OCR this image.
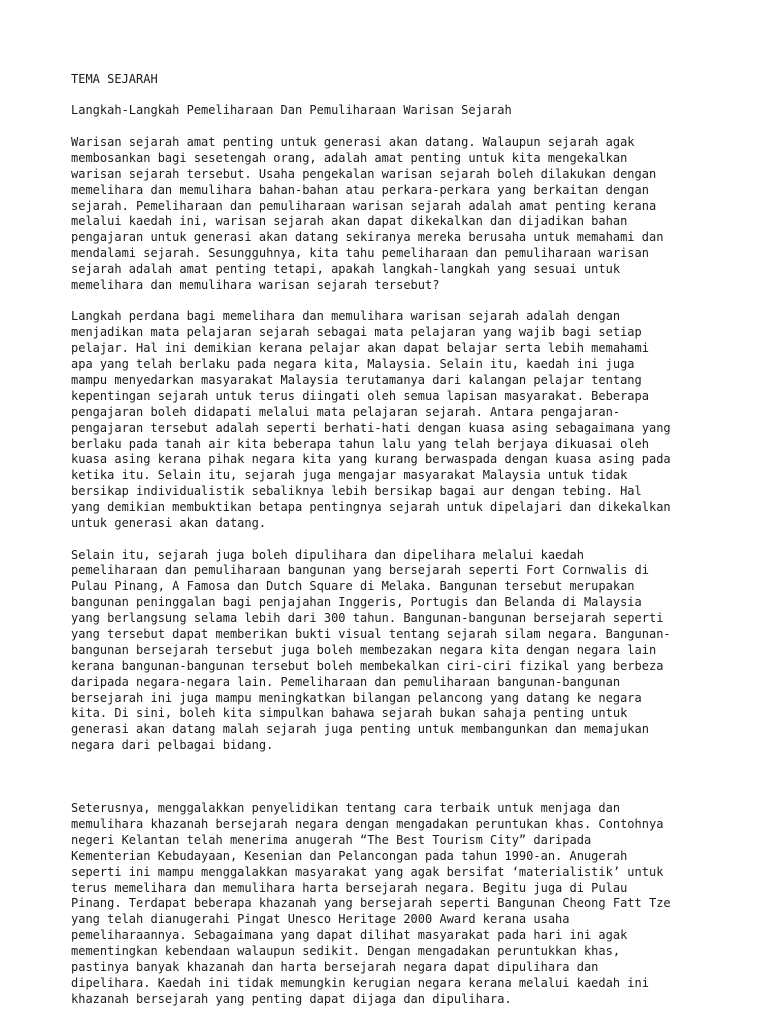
TEMA SEJARAH
Langkah-Langkah Pemeliharaan Dan Pemuliharaan Warisan Sejarah
Warisan sejarah amat penting untuk generasi akan datang. Walaupun sejarah agak
membosankan bagi sesetengah orang, adalah amat penting untuk kita mengekalkan
warisan sejarah tersebut. Usaha pengekalan warisan sejarah boleh dilakukan dengan
memelihara dan memulihara bahan-bahan atau perkara-perkara yang berkaitan dengan
sejarah. Pemeliharaan dan pemuliharaan warisan sejarah adalah amat penting kerana
melalui kaedah ini, warisan sejarah akan dapat dikekalkan dan dijadikan bahan
pengajaran untuk generasi akan datang sekiranya mereka berusaha untuk memahami dan
mendalami sejarah. Sesungguhnya, kita tahu pemeliharaan dan pemuliharaan warisan
sejarah adalah amat penting tetapi, apakah langkah-langkah yang sesuai untuk
memelihara dan memulihara warisan sejarah tersebut?
Langkah perdana bagi memelihara dan memulihara warisan sejarah adalah dengan
menjadikan mata pelajaran sejarah sebagai mata pelajaran yang wajib bagi setiap
pelajar. Hal ini demikian kerana pelajar akan dapat belajar serta lebih memahami
apa yang telah berlaku pada negara kita, Malaysia. Selain itu, kaedah ini juga
mampu menyedarkan masyarakat Malaysia terutamanya dari kalangan pelajar tentang
kepentingan sejarah untuk terus diingati oleh semua lapisan masyarakat. Beberapa
pengajaran boleh didapati melalui mata pelajaran sejarah. Antara pengajaran-
pengajaran tersebut adalah seperti berhati-hati dengan kuasa asing sebagaimana yang
berlaku pada tanah air kita beberapa tahun lalu yang telah berjaya dikuasai oleh
kuasa asing kerana pihak negara kita yang kurang berwaspada dengan kuasa asing pada
ketika itu. Selain itu, sejarah juga mengajar masyarakat Malaysia untuk tidak
bersikap individualistik sebaliknya lebih bersikap bagai aur dengan tebing. Hal
yang demikian membuktikan betapa pentingnya sejarah untuk dipelajari dan dikekalkan
untuk generasi akan datang.
Selain itu, sejarah juga boleh dipulihara dan dipelihara melalui kaedah
pemeliharaan dan pemuliharaan bangunan yang bersejarah seperti Fort Cornwalis di
Pulau Pinang, A Famosa dan Dutch Square di Melaka. Bangunan tersebut merupakan
bangunan peninggalan bagi penjajahan Inggeris, Portugis dan Belanda di Malaysia
yang berlangsung selama lebih dari 300 tahun. Bangunan-bangunan bersejarah seperti
yang tersebut dapat memberikan bukti visual tentang sejarah silam negara. Bangunan-
bangunan bersejarah tersebut juga boleh membezakan negara kita dengan negara lain
kerana bangunan-bangunan tersebut boleh membekalkan ciri-ciri fizikal yang berbeza
daripada negara-negara lain. Pemeliharaan dan pemuliharaan bangunan-bangunan
bersejarah ini juga mampu meningkatkan bilangan pelancong yang datang ke negara
kita. Di sini, boleh kita simpulkan bahawa sejarah bukan sahaja penting untuk
generasi akan datang malah sejarah juga penting untuk membangunkan dan memajukan
negara dari pelbagai bidang.
Seterusnya, menggalakkan penyelidikan tentang cara terbaik untuk menjaga dan
memulihara khazanah bersejarah negara dengan mengadakan peruntukan khas. Contohnya
negeri Kelantan telah menerima anugerah “The Best Tourism City” daripada
Kementerian Kebudayaan, Kesenian dan Pelancongan pada tahun 1990-an. Anugerah
seperti ini mampu menggalakkan masyarakat yang agak bersifat ‘materialistik’ untuk
terus memelihara dan memulihara harta bersejarah negara. Begitu juga di Pulau
Pinang. Terdapat beberapa khazanah yang bersejarah seperti Bangunan Cheong Fatt Tze
yang telah dianugerahi Pingat Unesco Heritage 2000 Award kerana usaha
pemeliharaannya. Sebagaimana yang dapat dilihat masyarakat pada hari ini agak
mementingkan kebendaan walaupun sedikit. Dengan mengadakan peruntukkan khas,
pastinya banyak khazanah dan harta bersejarah negara dapat dipulihara dan
dipelihara. Kaedah ini tidak memungkin kerugian negara kerana melalui kaedah ini
khazanah bersejarah yang penting dapat dijaga dan dipulihara.
